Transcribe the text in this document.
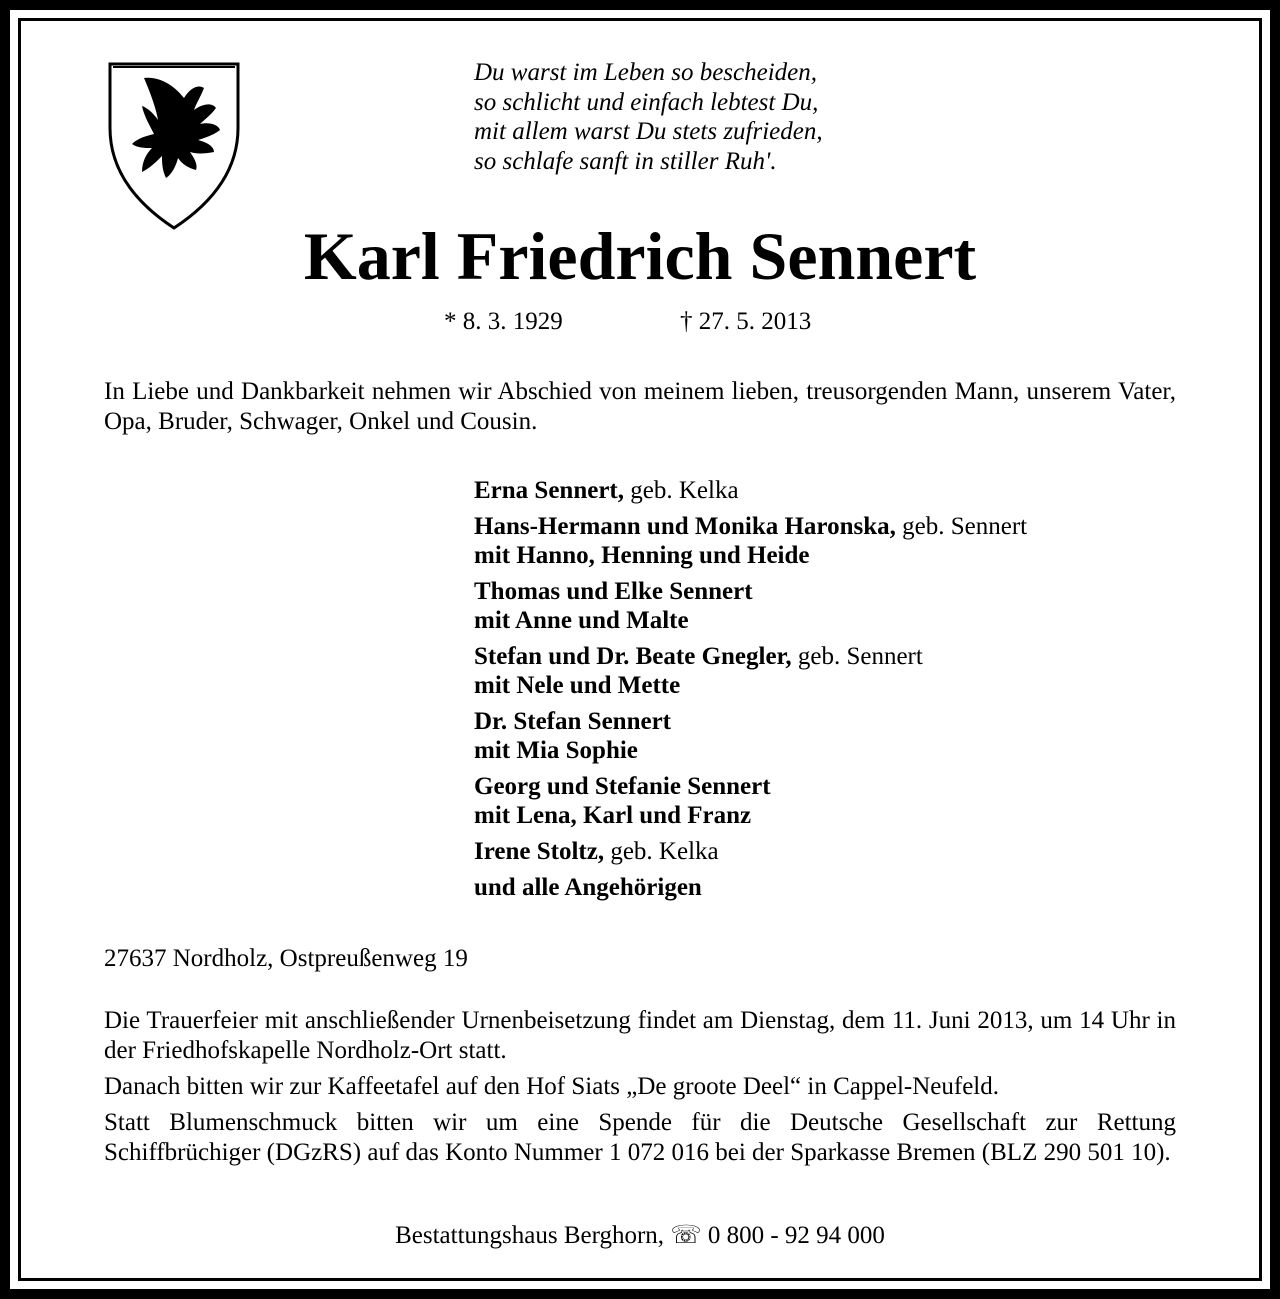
Du warst im Leben so bescheiden,
so schlicht und einfach lebtest Du,
mit allem warst Du stets zufrieden,
so schlafe sanft in stiller Ruh'.
Karl Friedrich Sennert
* 8. 3. 1929	† 27. 5. 2013
In Liebe und Dankbarkeit nehmen wir Abschied von meinem lieben, treusorgenden Mann, unserem Vater, Opa, Bruder, Schwager, Onkel und Cousin.
Erna Sennert, geb. Kelka
Hans-Hermann und Monika Haronska, geb. Sennert
mit Hanno, Henning und Heide
Thomas und Elke Sennert
mit Anne und Malte
Stefan und Dr. Beate Gnegler, geb. Sennert
mit Nele und Mette
Dr. Stefan Sennert
mit Mia Sophie
Georg und Stefanie Sennert
mit Lena, Karl und Franz
Irene Stoltz, geb. Kelka
und alle Angehörigen
27637 Nordholz, Ostpreußenweg 19

Die Trauerfeier mit anschließender Urnenbeisetzung findet am Dienstag, dem 11. Juni 2013, um 14 Uhr in der Friedhofskapelle Nordholz-Ort statt.

Danach bitten wir zur Kaffeetafel auf den Hof Siats „De groote Deel“ in Cappel-Neufeld.

Statt Blumenschmuck bitten wir um eine Spende für die Deutsche Gesellschaft zur Rettung Schiffbrüchiger (DGzRS) auf das Konto Nummer 1 072 016 bei der Sparkasse Bremen (BLZ 290 501 10).

Bestattungshaus Berghorn, ☏ 0 800 - 92 94 000
